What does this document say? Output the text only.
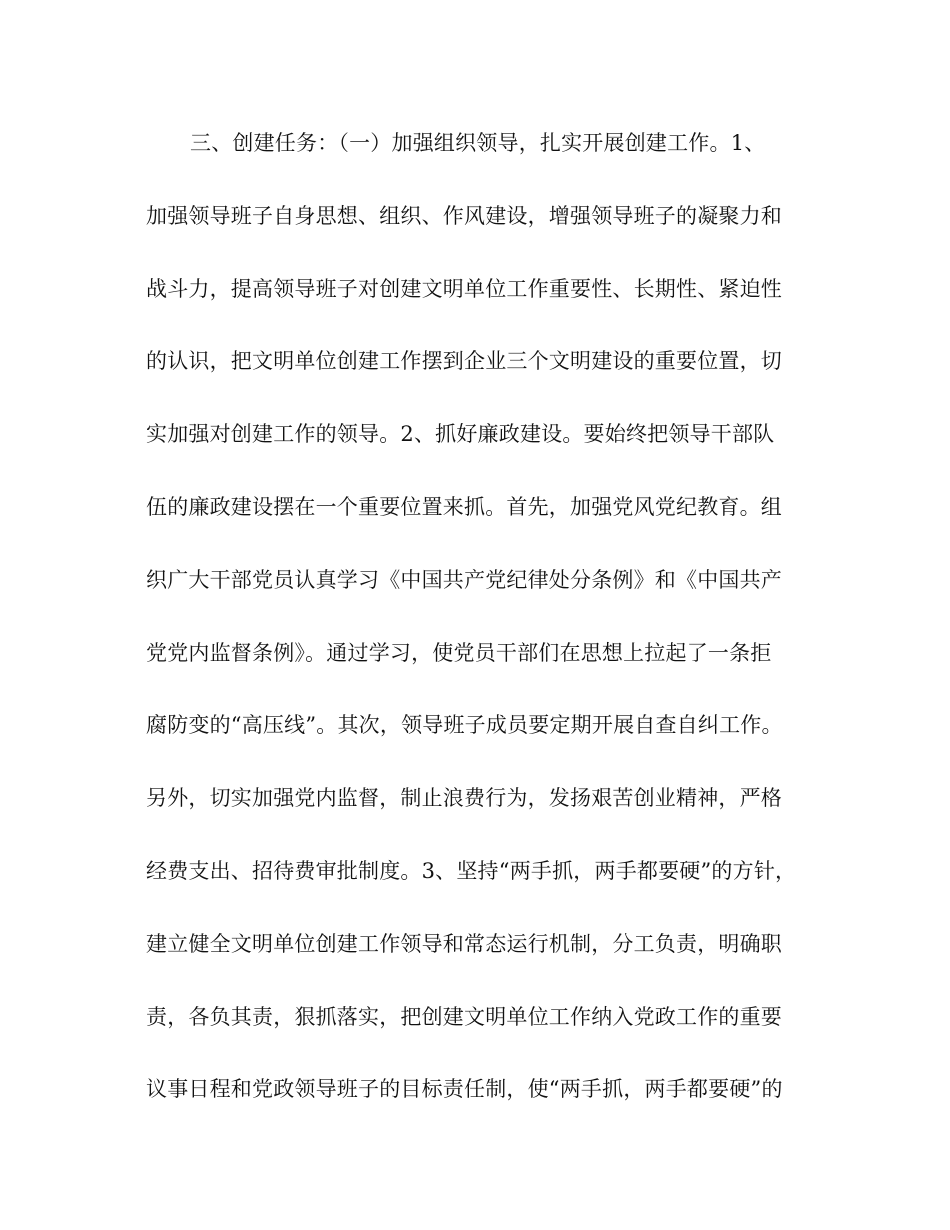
三、创建任务：（一）加强组织领导，扎实开展创建工作。1、
加强领导班子自身思想、组织、作风建设，增强领导班子的凝聚力和
战斗力，提高领导班子对创建文明单位工作重要性、长期性、紧迫性
的认识，把文明单位创建工作摆到企业三个文明建设的重要位置，切
实加强对创建工作的领导。2、抓好廉政建设。要始终把领导干部队
伍的廉政建设摆在一个重要位置来抓。首先，加强党风党纪教育。组
织广大干部党员认真学习《中国共产党纪律处分条例》和《中国共产
党党内监督条例》。通过学习，使党员干部们在思想上拉起了一条拒
腐防变的“高压线”。其次，领导班子成员要定期开展自查自纠工作。
另外，切实加强党内监督，制止浪费行为，发扬艰苦创业精神，严格
经费支出、招待费审批制度。3、坚持“两手抓，两手都要硬”的方针，
建立健全文明单位创建工作领导和常态运行机制，分工负责，明确职
责，各负其责，狠抓落实，把创建文明单位工作纳入党政工作的重要
议事日程和党政领导班子的目标责任制，使“两手抓，两手都要硬”的
